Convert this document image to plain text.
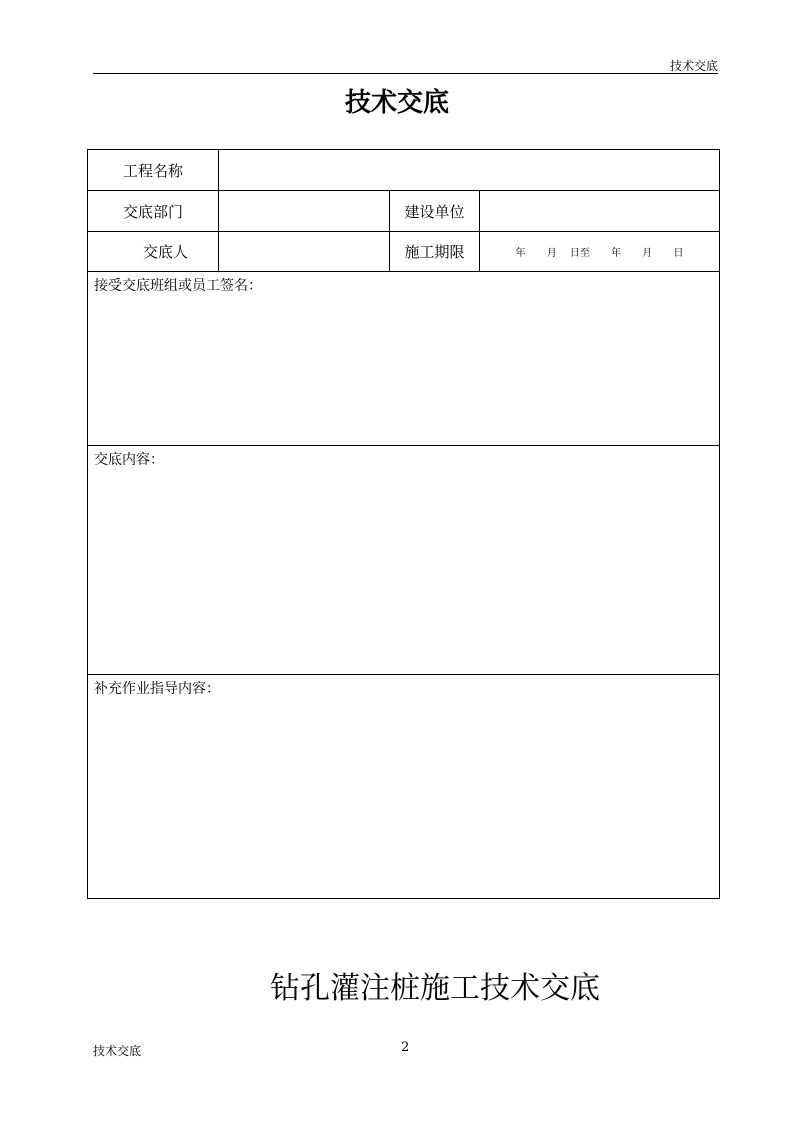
技术交底
技术交底
工程名称			
交底部门		建设单位	
交底人		施工期限	年 月 日至 年 月 日
接受交底班组或员工签名：			
交底内容：			
补充作业指导内容：			
钻孔灌注桩施工技术交底
技术交底	2
